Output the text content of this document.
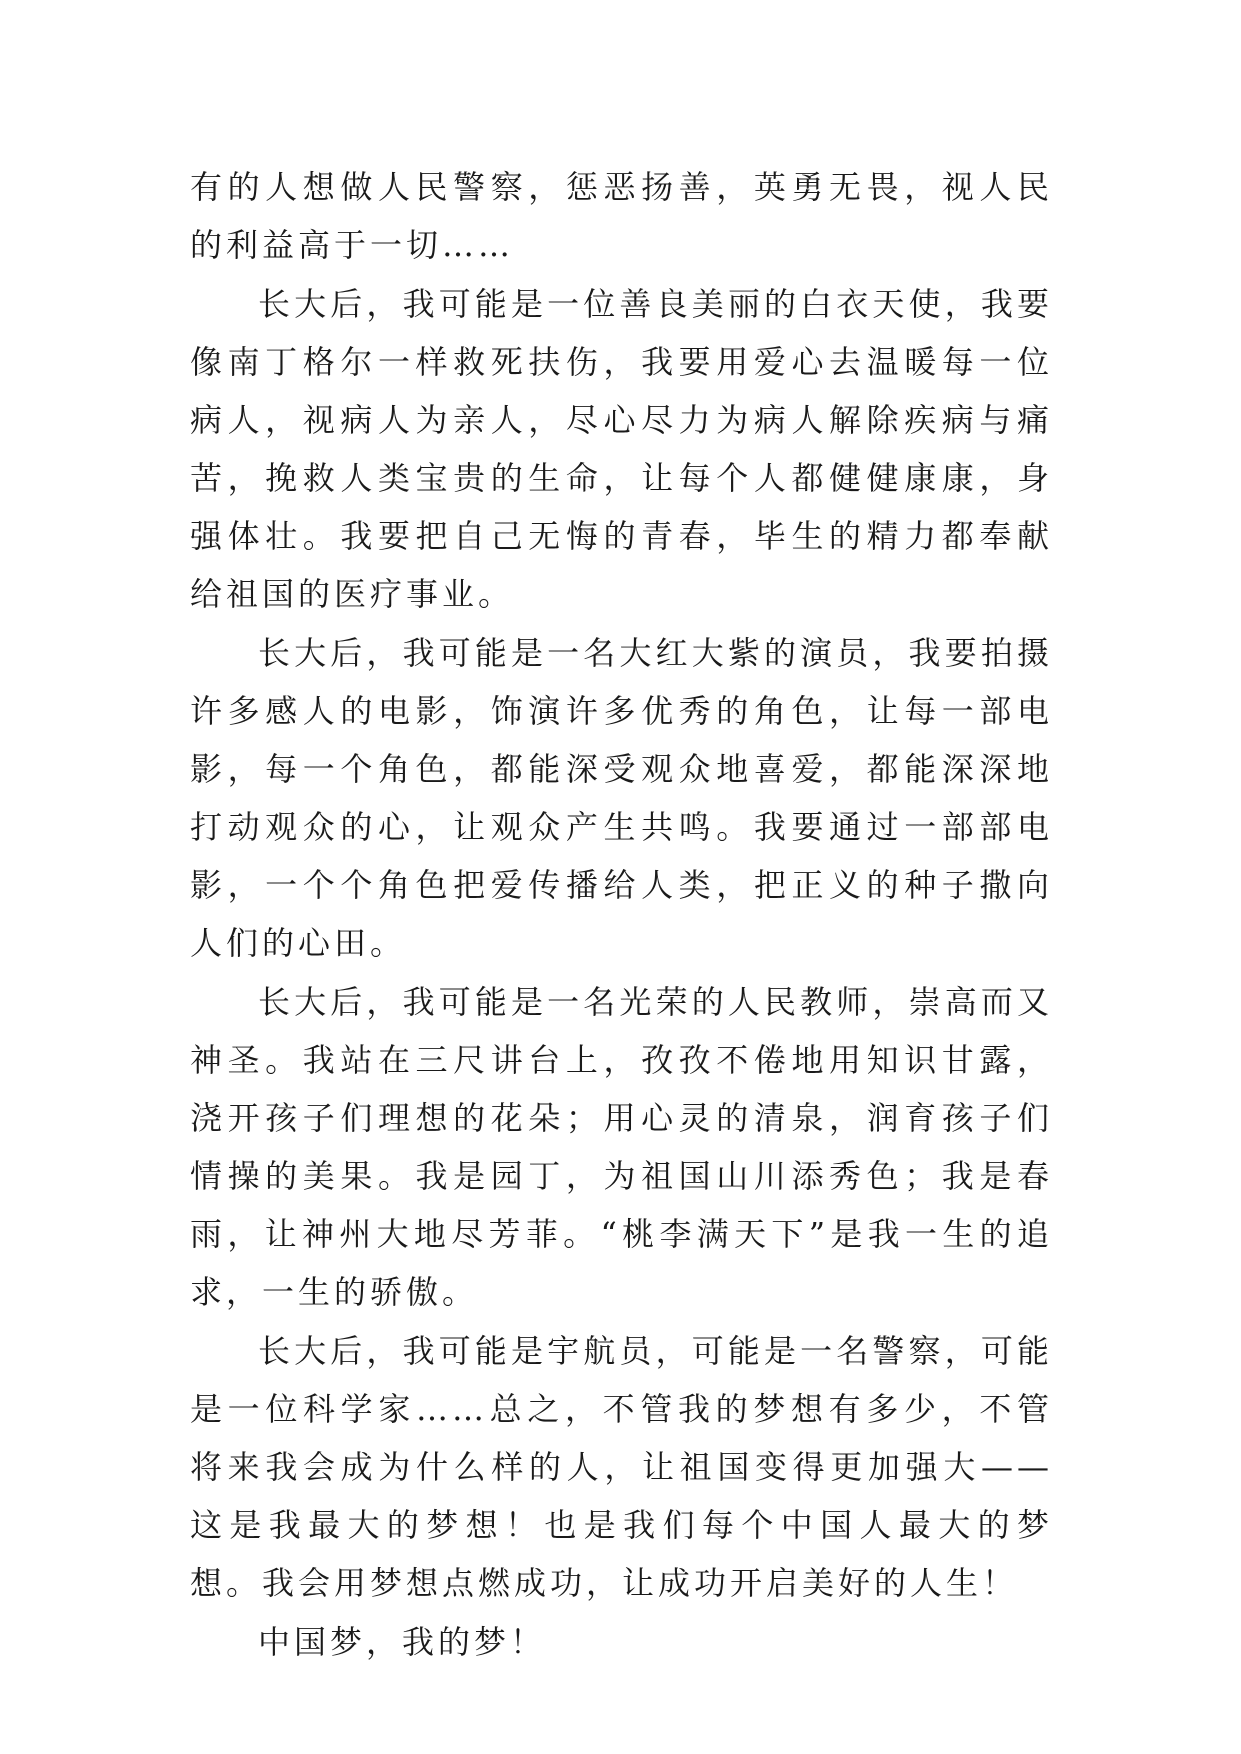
有的人想做人民警察，惩恶扬善，英勇无畏，视人民的利益高于一切……

长大后，我可能是一位善良美丽的白衣天使，我要像南丁格尔一样救死扶伤，我要用爱心去温暖每一位病人，视病人为亲人，尽心尽力为病人解除疾病与痛苦，挽救人类宝贵的生命，让每个人都健健康康，身强体壮。我要把自己无悔的青春，毕生的精力都奉献给祖国的医疗事业。

长大后，我可能是一名大红大紫的演员，我要拍摄许多感人的电影，饰演许多优秀的角色，让每一部电影，每一个角色，都能深受观众地喜爱，都能深深地打动观众的心，让观众产生共鸣。我要通过一部部电影，一个个角色把爱传播给人类，把正义的种子撒向人们的心田。

长大后，我可能是一名光荣的人民教师，崇高而又神圣。我站在三尺讲台上，孜孜不倦地用知识甘露，浇开孩子们理想的花朵；用心灵的清泉，润育孩子们情操的美果。我是园丁，为祖国山川添秀色；我是春雨，让神州大地尽芳菲。“桃李满天下”是我一生的追求，一生的骄傲。

长大后，我可能是宇航员，可能是一名警察，可能是一位科学家……总之，不管我的梦想有多少，不管将来我会成为什么样的人，让祖国变得更加强大——这是我最大的梦想！也是我们每个中国人最大的梦想。我会用梦想点燃成功，让成功开启美好的人生！

中国梦，我的梦！
